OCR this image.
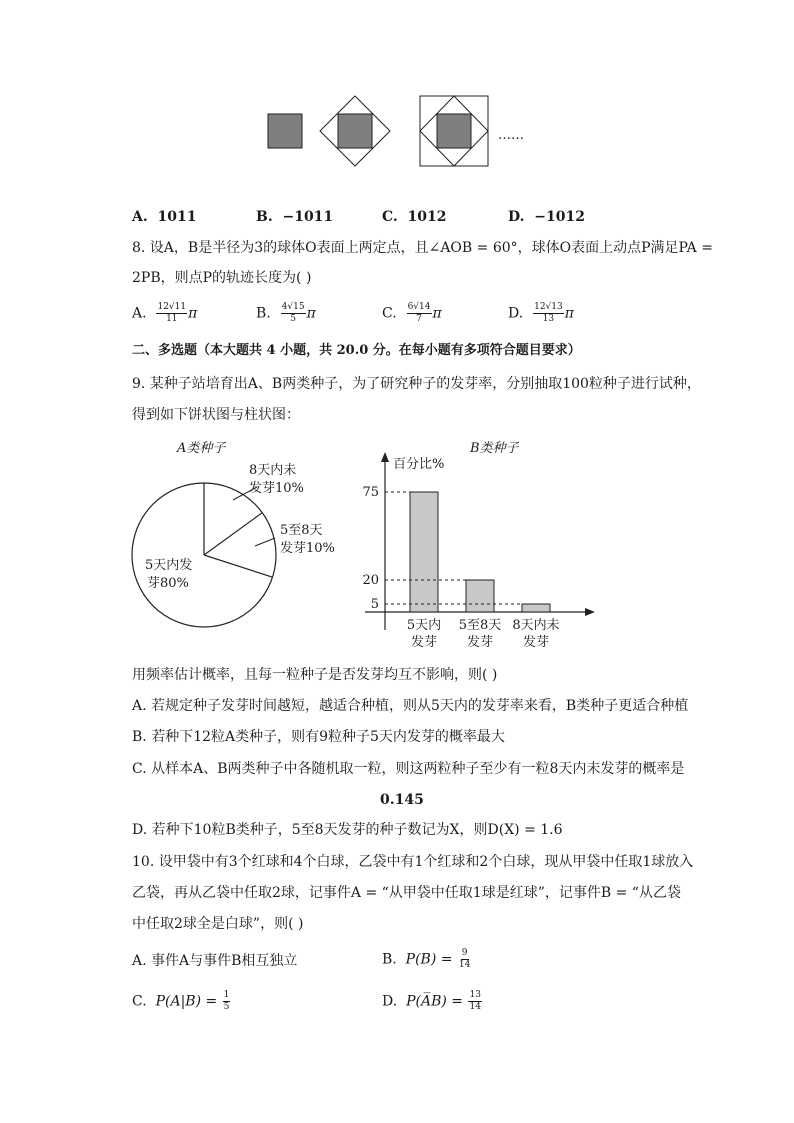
……
A. 1011	B. −1011	C. 1012	D. −1012
8. 设A，B是半径为3的球体O表面上两定点，且∠AOB = 60°，球体O表面上动点P满足PA =
2PB，则点P的轨迹长度为( )
A. $\frac{12√11}{11}$ π	B. $\frac{4√15}{5}$ π	C. $\frac{6√14}{7}$ π	D. $\frac{12√13}{13}$ π
二、多选题（本大题共 4 小题，共 20.0 分。在每小题有多项符合题目要求）
9. 某种子站培育出A、B两类种子，为了研究种子的发芽率，分别抽取100粒种子进行试种，
得到如下饼状图与柱状图：
A类种子
8天内未
发芽10%
5至8天
发芽10%
5天内发
芽80%
B类种子
百分比%
5天内
发芽
5至8天
发芽
8天内未
发芽
75
20
5
用频率估计概率，且每一粒种子是否发芽均互不影响，则( )
A. 若规定种子发芽时间越短，越适合种植，则从5天内的发芽率来看，B类种子更适合种植
B. 若种下12粒A类种子，则有9粒种子5天内发芽的概率最大
C. 从样本A、B两类种子中各随机取一粒，则这两粒种子至少有一粒8天内未发芽的概率是
0.145
D. 若种下10粒B类种子，5至8天发芽的种子数记为X，则D(X) = 1.6
10. 设甲袋中有3个红球和4个白球，乙袋中有1个红球和2个白球，现从甲袋中任取1球放入
乙袋，再从乙袋中任取2球，记事件A = “从甲袋中任取1球是红球”，记事件B = “从乙袋
中任取2球全是白球”，则( )
A. 事件A与事件B相互独立	B. $P(B) = \frac{9}{14}$
C. $P(A|B) = \frac{1}{5}$	D. P(A̅B) = $\frac{13}{14}$
